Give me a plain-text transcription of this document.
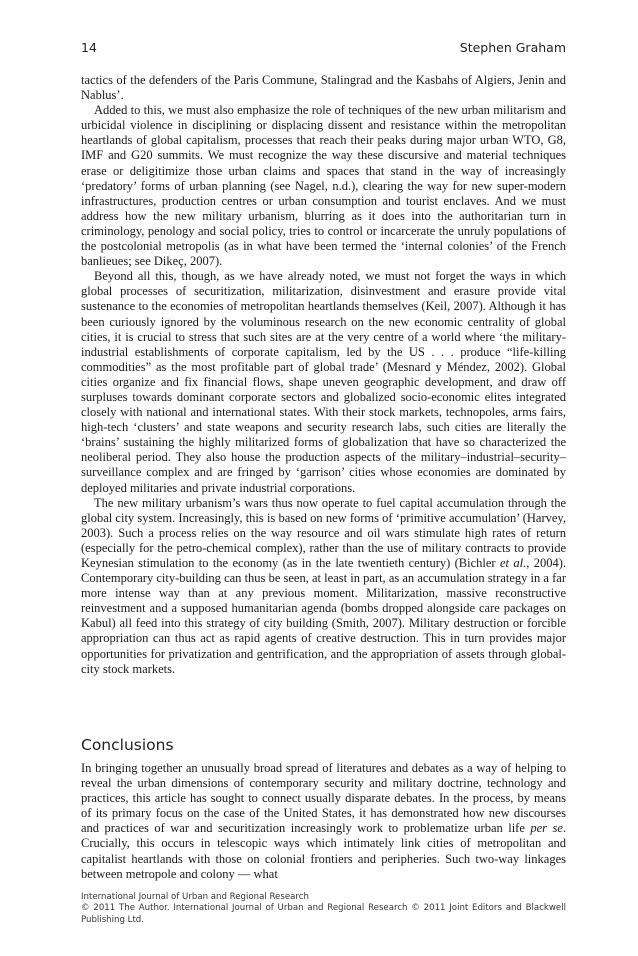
14	Stephen Graham

tactics of the defenders of the Paris Commune, Stalingrad and the Kasbahs of Algiers, Jenin and Nablus’.

Added to this, we must also emphasize the role of techniques of the new urban militarism and urbicidal violence in disciplining or displacing dissent and resistance within the metropolitan heartlands of global capitalism, processes that reach their peaks during major urban WTO, G8, IMF and G20 summits. We must recognize the way these discursive and material techniques erase or deligitimize those urban claims and spaces that stand in the way of increasingly ‘predatory’ forms of urban planning (see Nagel, n.d.), clearing the way for new super-modern infrastructures, production centres or urban consumption and tourist enclaves. And we must address how the new military urbanism, blurring as it does into the authoritarian turn in criminology, penology and social policy, tries to control or incarcerate the unruly populations of the postcolonial metropolis (as in what have been termed the ‘internal colonies’ of the French banlieues; see Dikeç, 2007).

Beyond all this, though, as we have already noted, we must not forget the ways in which global processes of securitization, militarization, disinvestment and erasure provide vital sustenance to the economies of metropolitan heartlands themselves (Keil, 2007). Although it has been curiously ignored by the voluminous research on the new economic centrality of global cities, it is crucial to stress that such sites are at the very centre of a world where ‘the military-industrial establishments of corporate capitalism, led by the US . . . produce “life-killing commodities” as the most profitable part of global trade’ (Mesnard y Méndez, 2002). Global cities organize and fix financial flows, shape uneven geographic development, and draw off surpluses towards dominant corporate sectors and globalized socio-economic elites integrated closely with national and international states. With their stock markets, technopoles, arms fairs, high-tech ‘clusters’ and state weapons and security research labs, such cities are literally the ‘brains’ sustaining the highly militarized forms of globalization that have so characterized the neoliberal period. They also house the production aspects of the military–industrial–security–surveillance complex and are fringed by ‘garrison’ cities whose economies are dominated by deployed militaries and private industrial corporations.

The new military urbanism’s wars thus now operate to fuel capital accumulation through the global city system. Increasingly, this is based on new forms of ‘primitive accumulation’ (Harvey, 2003). Such a process relies on the way resource and oil wars stimulate high rates of return (especially for the petro-chemical complex), rather than the use of military contracts to provide Keynesian stimulation to the economy (as in the late twentieth century) (Bichler et al., 2004). Contemporary city-building can thus be seen, at least in part, as an accumulation strategy in a far more intense way than at any previous moment. Militarization, massive reconstructive reinvestment and a supposed humanitarian agenda (bombs dropped alongside care packages on Kabul) all feed into this strategy of city building (Smith, 2007). Military destruction or forcible appropriation can thus act as rapid agents of creative destruction. This in turn provides major opportunities for privatization and gentrification, and the appropriation of assets through global-city stock markets.

Conclusions

In bringing together an unusually broad spread of literatures and debates as a way of helping to reveal the urban dimensions of contemporary security and military doctrine, technology and practices, this article has sought to connect usually disparate debates. In the process, by means of its primary focus on the case of the United States, it has demonstrated how new discourses and practices of war and securitization increasingly work to problematize urban life per se. Crucially, this occurs in telescopic ways which intimately link cities of metropolitan and capitalist heartlands with those on colonial frontiers and peripheries. Such two-way linkages between metropole and colony — what

International Journal of Urban and Regional Research
© 2011 The Author. International Journal of Urban and Regional Research © 2011 Joint Editors and Blackwell Publishing Ltd.
